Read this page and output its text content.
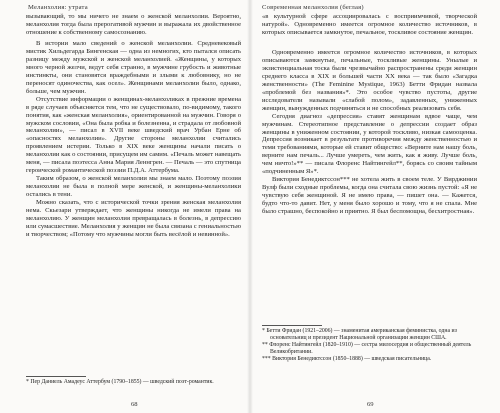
Меланхолия: утрата
вызывающий, то мы ничего не знаем о женской меланхолии. Вероятно, меланхолия тогда была прерогативой мужчин и выражала их двойственное отношение к собственному самосознанию.

В истории мало сведений о женской меланхолии. Средневековый мистик Хильдегарда Бингенская — одна из немногих, кто пытался описать разницу между мужской и женской меланхолией. «Женщины, у которых много черной желчи, ведут себя странно, в мужчине грубость и животные инстинкты, они становятся враждебными и злыми к любовнику, но не переносят одиночества, как осел». Женщинами меланхолии было, однако, больше, чем мужчин.

Отсутствие информации о женщинах-меланхоликах в прежние времена в ряде случаев объясняется тем, что не существовало, по-видимому, такого понятия, как «женская меланхолия», ориентированной на мужчин. Говоря о мужском сословии, «Она была робка и болезненна, и страдала от любовной меланхолии», — писал в XVII веке шведский врач Урбан Ерне об «опасностях меланхолии». Другие стороны меланхолии считались проявлением истерии. Только в XIX веке женщины начали писать о меланхолии как о состоянии, присущем им самим. «Печаль может навещать меня, — писала поэтесса Анна Мария Леннгрен. — Печаль — это спутница героической романтической поэзии П.Д.А. Аттербума.

Таким образом, о женской меланхолии мы знаем мало. Поэтому поэзия меланхолии не была в полной мере женской, и женщины-меланхолики остались в тени.

Можно сказать, что с исторической точки зрения женская меланхолия нема. Скьезари утверждает, что женщины никогда не имели права на меланхолию. У женщин меланхолия превращалась в болезнь, в депрессию или сумасшествие. Меланхолия у женщин не была связана с гениальностью и творчеством; «Потому что мужчины могли быть весёлой и невинной».

* Пер Даниель Амадеус Аттербум (1790–1855) — шведский поэт-романтик.

68
Современная меланхолия (беглая)
«в культурной сфере ассоциировалась с восприимчивой, творческой натурой». Одновременно имеется огромное количество источников, в которых описывается замкнутое, печальное, тоскливое состояние женщин.

Одновременно имеется огромное количество источников, в которых описываются замкнутые, печальные, тоскливые женщины. Унылые и экзистенциальная тоска были чрезвычайно распространены среди женщин среднего класса в XIX и большей части XX века — так было «Загадка женственности» (The Feminine Mystique, 1963) Бетти Фридан назвала «проблемой без названия»*. Это особое чувство пустоты, другие исследователи называли «слабой полом», задавленных, униженных женщин, вынужденных подчиняться и не способных реализовать себя.

Сегодня диагноз «депрессия» ставят женщинам вдвое чаще, чем мужчинам. Стереотипное представление о депрессии создает образ женщины в униженном состоянии, у которой тоскливо, низкая самооценка. Депрессия возникает в результате противоречия между женственностью и теми требованиями, которые ей ставит общество: «Верните нам нашу боль, верните нам печаль... Лучше умереть, чем жить, как я живу. Лучше боль, чем ничто!»** — писала Флоренс Найтингейл**, борясь со своим тайным «подчиненным Я»*.

Виктория Бенедиктссон*** не хотела жить в своем теле. У Вирджинии Вулф были сходные проблемы, когда она считала свою жизнь пустой: «Я не чувствую себя женщиной. Я не имею права, — пишет она. — Кажется, будто что-то давит. Нет, у меня было хорошо и тому, что я не спала. Мне было страшно, беспокойно и приятно. Я был беспомощна, бесхитростная».

* Бетти Фридан (1921–2006) — знаменитая американская феминистка, одна из основательниц и президент Национальной организации женщин США.

** Флоренс Найтингейл (1820–1910) — сестра милосердия и общественный деятель Великобритании.

*** Виктория Бенедиктссон (1850–1888) — шведская писательница.

69
